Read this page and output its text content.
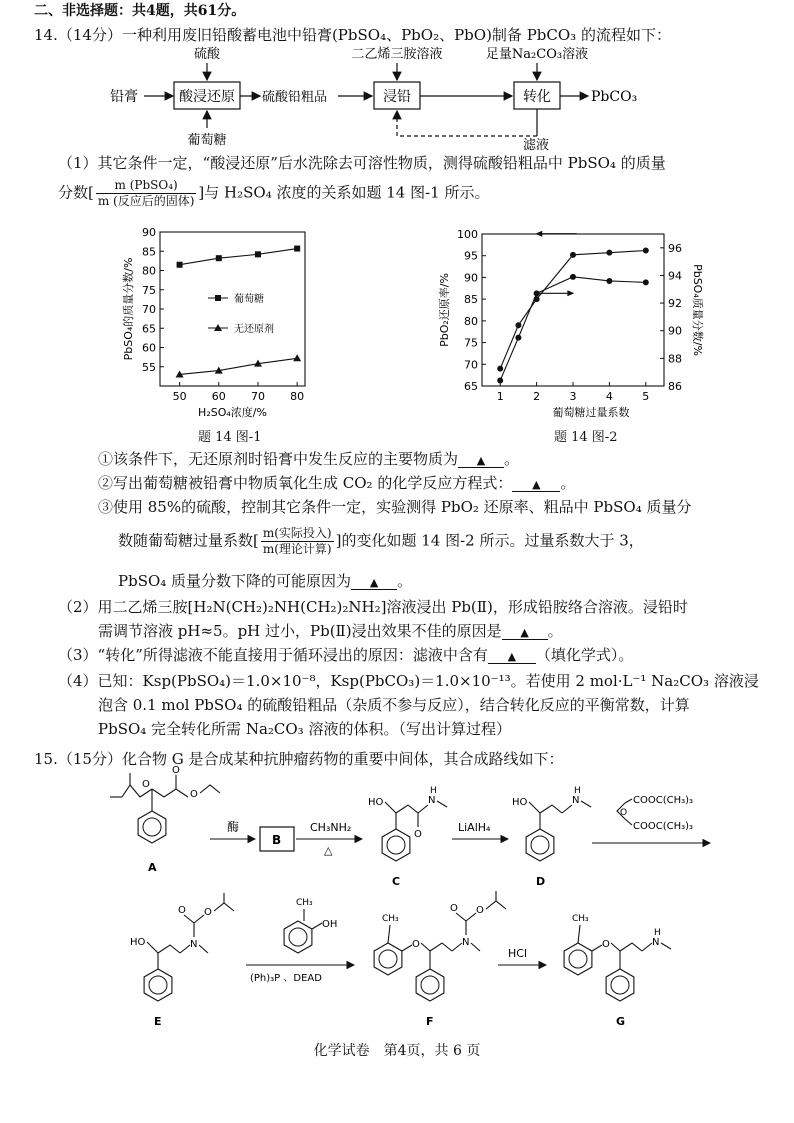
二、非选择题：共4题，共61分。
14.（14分）一种利用废旧铅酸蓄电池中铅膏(PbSO₄、PbO₂、PbO)制备 PbCO₃ 的流程如下：
铅膏	酸浸还原
硫酸
葡萄糖
硫酸铅粗品	浸铅
二乙烯三胺溶液
转化
足量Na₂CO₃溶液
PbCO₃
滤液
（1）其它条件一定，“酸浸还原”后水洗除去可溶性物质，测得硫酸铅粗品中 PbSO₄ 的质量
分数[ $\frac{\text{m (PbSO₄)}}{\text{m (反应后的固体)}}$ ]与 H₂SO₄ 浓度的关系如题 14 图-1 所示。
55
60
65
70
75
80
85
90
50 60 70 80
H₂SO₄浓度/%
PbSO₄的质量分数/%	葡萄糖
无还原剂
题 14 图-1
65
70
75
80
85
90
95
100
86
88
90
92
94
96
1	2	3	4	5
葡萄糖过量系数
PbO₂还原率/%	PbSO₄质量分数/%
题 14 图-2
①该条件下，无还原剂时铅膏中发生反应的主要物质为 ▲ 。
②写出葡萄糖被铅膏中物质氧化生成 CO₂ 的化学反应方程式： ▲ 。
③使用 85%的硫酸，控制其它条件一定，实验测得 PbO₂ 还原率、粗品中 PbSO₄ 质量分
数随葡萄糖过量系数[ $\frac{\text{m(实际投入)}}{\text{m(理论计算)}}$ ]的变化如题 14 图-2 所示。过量系数大于 3，
PbSO₄ 质量分数下降的可能原因为 ▲ 。
（2）用二乙烯三胺[H₂N(CH₂)₂NH(CH₂)₂NH₂]溶液浸出 Pb(Ⅱ)，形成铅胺络合溶液。浸铅时
需调节溶液 pH≈5。pH 过小，Pb(Ⅱ)浸出效果不佳的原因是 ▲ 。
（3）“转化”所得滤液不能直接用于循环浸出的原因：滤液中含有 ▲ （填化学式）。
（4）已知：Ksp(PbSO₄)＝1.0×10⁻⁸，Ksp(PbCO₃)＝1.0×10⁻¹³。若使用 2 mol·L⁻¹ Na₂CO₃ 溶液浸
泡含 0.1 mol PbSO₄ 的硫酸铅粗品（杂质不参与反应），结合转化反应的平衡常数，计算
PbSO₄ 完全转化所需 Na₂CO₃ 溶液的体积。（写出计算过程）
15.（15分）化合物 G 是合成某种抗肿瘤药物的重要中间体，其合成路线如下：
O
O
O
A
酶
B
CH₃NH₂
△
HO
O
N
H
C
LiAlH₄
HO	N
H
D
O
COOC(CH₃)₃
COOC(CH₃)₃
HO	N
O O
E
CH₃
OH
(Ph)₃P 、DEAD
CH₃
O	N
O O
F
HCl
CH₃
O	N
H
G
化学试卷　第4页，共 6 页
